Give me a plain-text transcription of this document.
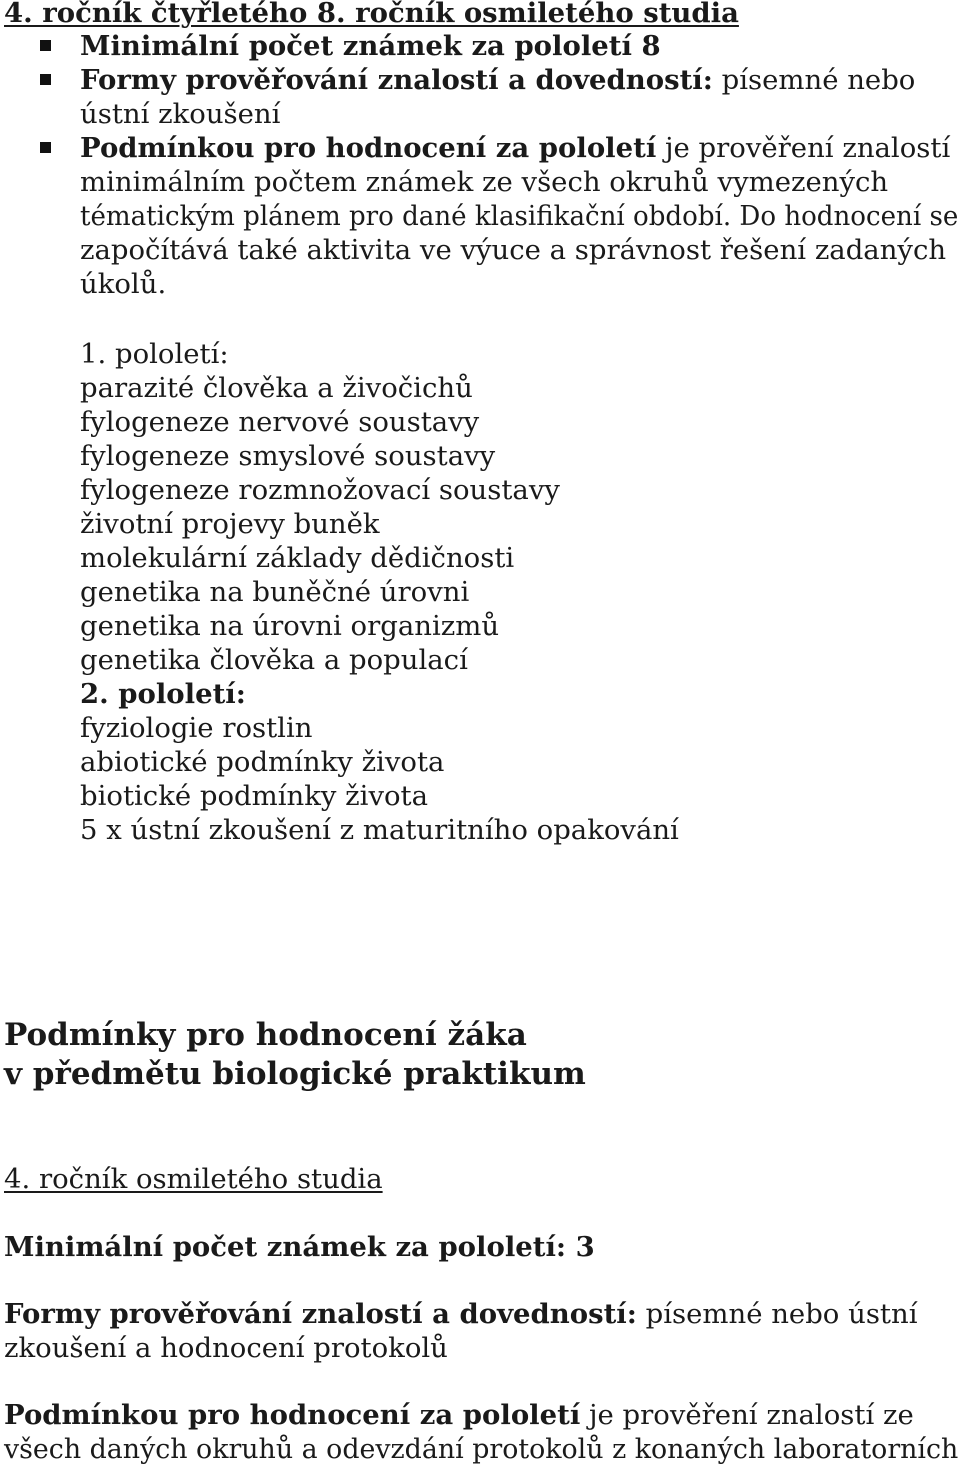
4. ročník čtyřletého 8. ročník osmiletého studia
Minimální počet známek za pololetí 8
Formy prověřování znalostí a dovedností: písemné nebo
ústní zkoušení
Podmínkou pro hodnocení za pololetí je prověření znalostí
minimálním počtem známek ze všech okruhů vymezených
tématickým plánem pro dané klasifikační období. Do hodnocení se
započítává také aktivita ve výuce a správnost řešení zadaných
úkolů.
1. pololetí:
parazité člověka a živočichů
fylogeneze nervové soustavy
fylogeneze smyslové soustavy
fylogeneze rozmnožovací soustavy
životní projevy buněk
molekulární základy dědičnosti
genetika na buněčné úrovni
genetika na úrovni organizmů
genetika člověka a populací
2. pololetí:
fyziologie rostlin
abiotické podmínky života
biotické podmínky života
5 x ústní zkoušení z maturitního opakování
Podmínky pro hodnocení žáka
v předmětu biologické praktikum
4. ročník osmiletého studia
Minimální počet známek za pololetí: 3
Formy prověřování znalostí a dovedností: písemné nebo ústní
zkoušení a hodnocení protokolů
Podmínkou pro hodnocení za pololetí je prověření znalostí ze
všech daných okruhů a odevzdání protokolů z konaných laboratorních
